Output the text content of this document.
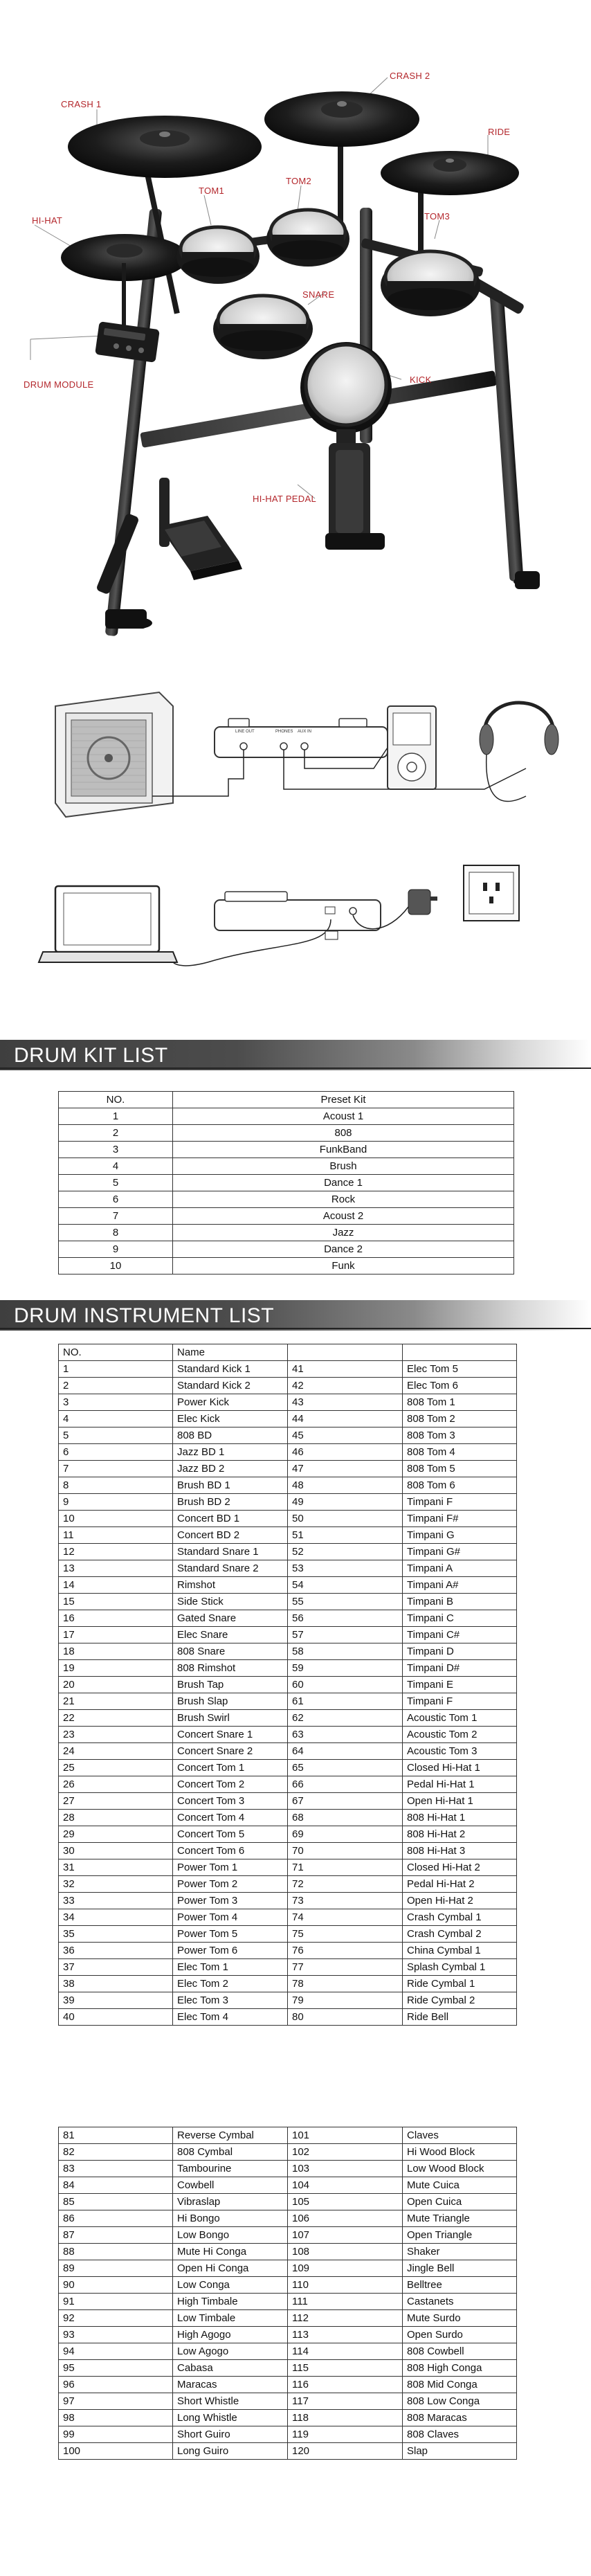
CRASH 1
CRASH 2
RIDE
TOM1
TOM2
TOM3
HI-HAT
SNARE
DRUM MODULE	KICK
HI-HAT PEDAL
LINE OUT	PHONES AUX IN
DRUM KIT LIST
NO.	Preset Kit
1	Acoust 1
2	808
3	FunkBand
4	Brush
5	Dance 1
6	Rock
7	Acoust 2
8	Jazz
9	Dance 2
10	Funk
DRUM INSTRUMENT LIST
NO.	Name		
1	Standard Kick 1	41	Elec Tom 5
2	Standard Kick 2	42	Elec Tom 6
3	Power Kick	43	808 Tom 1
4	Elec Kick	44	808 Tom 2
5	808 BD	45	808 Tom 3
6	Jazz BD 1	46	808 Tom 4
7	Jazz BD 2	47	808 Tom 5
8	Brush BD 1	48	808 Tom 6
9	Brush BD 2	49	Timpani F
10	Concert BD 1	50	Timpani F#
11	Concert BD 2	51	Timpani G
12	Standard Snare 1	52	Timpani G#
13	Standard Snare 2	53	Timpani A
14	Rimshot	54	Timpani A#
15	Side Stick	55	Timpani B
16	Gated Snare	56	Timpani C
17	Elec Snare	57	Timpani C#
18	808 Snare	58	Timpani D
19	808 Rimshot	59	Timpani D#
20	Brush Tap	60	Timpani E
21	Brush Slap	61	Timpani F
22	Brush Swirl	62	Acoustic Tom 1
23	Concert Snare 1	63	Acoustic Tom 2
24	Concert Snare 2	64	Acoustic Tom 3
25	Concert Tom 1	65	Closed Hi-Hat 1
26	Concert Tom 2	66	Pedal Hi-Hat 1
27	Concert Tom 3	67	Open Hi-Hat 1
28	Concert Tom 4	68	808 Hi-Hat 1
29	Concert Tom 5	69	808 Hi-Hat 2
30	Concert Tom 6	70	808 Hi-Hat 3
31	Power Tom 1	71	Closed Hi-Hat 2
32	Power Tom 2	72	Pedal Hi-Hat 2
33	Power Tom 3	73	Open Hi-Hat 2
34	Power Tom 4	74	Crash Cymbal 1
35	Power Tom 5	75	Crash Cymbal 2
36	Power Tom 6	76	China Cymbal 1
37	Elec Tom 1	77	Splash Cymbal 1
38	Elec Tom 2	78	Ride Cymbal 1
39	Elec Tom 3	79	Ride Cymbal 2
40	Elec Tom 4	80	Ride Bell
81	Reverse Cymbal	101	Claves
82	808 Cymbal	102	Hi Wood Block
83	Tambourine	103	Low Wood Block
84	Cowbell	104	Mute Cuica
85	Vibraslap	105	Open Cuica
86	Hi Bongo	106	Mute Triangle
87	Low Bongo	107	Open Triangle
88	Mute Hi Conga	108	Shaker
89	Open Hi Conga	109	Jingle Bell
90	Low Conga	110	Belltree
91	High Timbale	111	Castanets
92	Low Timbale	112	Mute Surdo
93	High Agogo	113	Open Surdo
94	Low Agogo	114	808 Cowbell
95	Cabasa	115	808 High Conga
96	Maracas	116	808 Mid Conga
97	Short Whistle	117	808 Low Conga
98	Long Whistle	118	808 Maracas
99	Short Guiro	119	808 Claves
100	Long Guiro	120	Slap
